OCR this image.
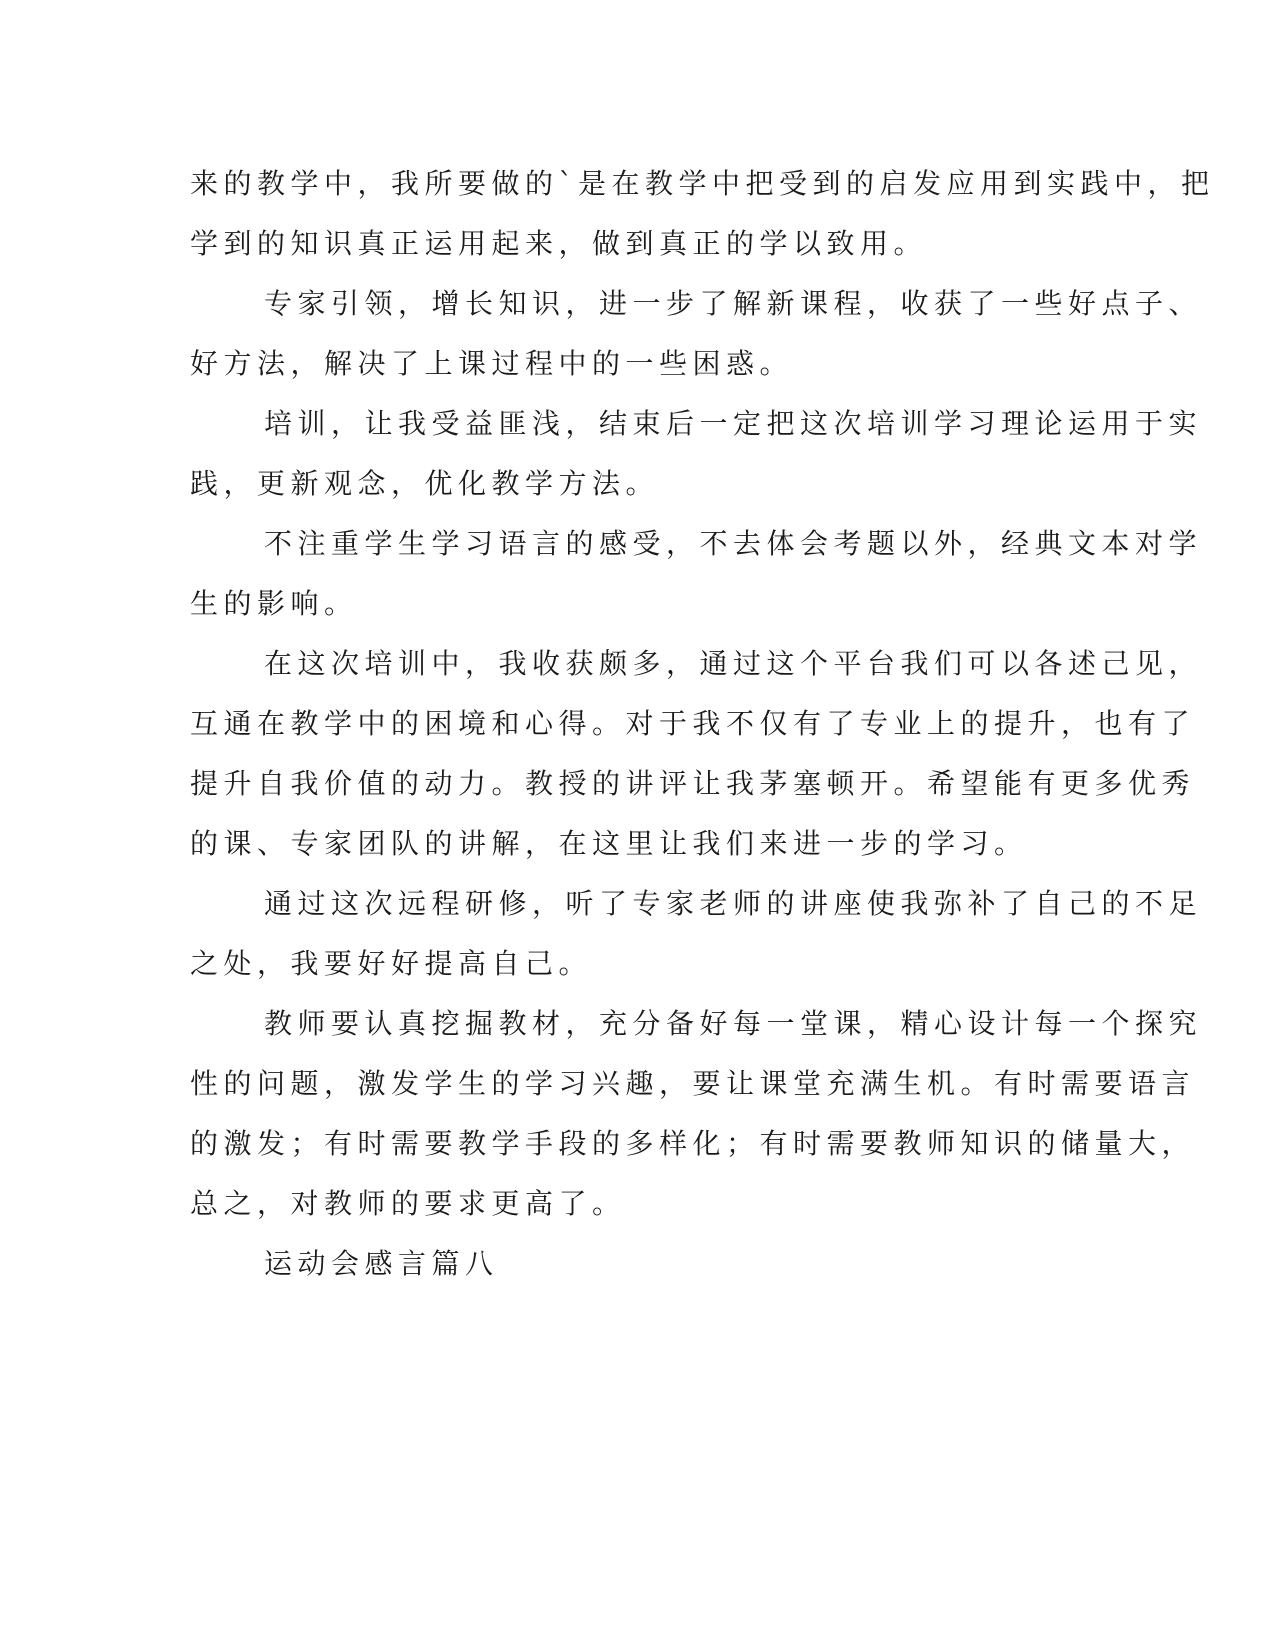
来的教学中，我所要做的`是在教学中把受到的启发应用到实践中，把
学到的知识真正运用起来，做到真正的学以致用。
专家引领，增长知识，进一步了解新课程，收获了一些好点子、
好方法，解决了上课过程中的一些困惑。
培训，让我受益匪浅，结束后一定把这次培训学习理论运用于实
践，更新观念，优化教学方法。
不注重学生学习语言的感受，不去体会考题以外，经典文本对学
生的影响。
在这次培训中，我收获颇多，通过这个平台我们可以各述己见，
互通在教学中的困境和心得。对于我不仅有了专业上的提升，也有了
提升自我价值的动力。教授的讲评让我茅塞顿开。希望能有更多优秀
的课、专家团队的讲解，在这里让我们来进一步的学习。
通过这次远程研修，听了专家老师的讲座使我弥补了自己的不足
之处，我要好好提高自己。
教师要认真挖掘教材，充分备好每一堂课，精心设计每一个探究
性的问题，激发学生的学习兴趣，要让课堂充满生机。有时需要语言
的激发；有时需要教学手段的多样化；有时需要教师知识的储量大，
总之，对教师的要求更高了。
运动会感言篇八
